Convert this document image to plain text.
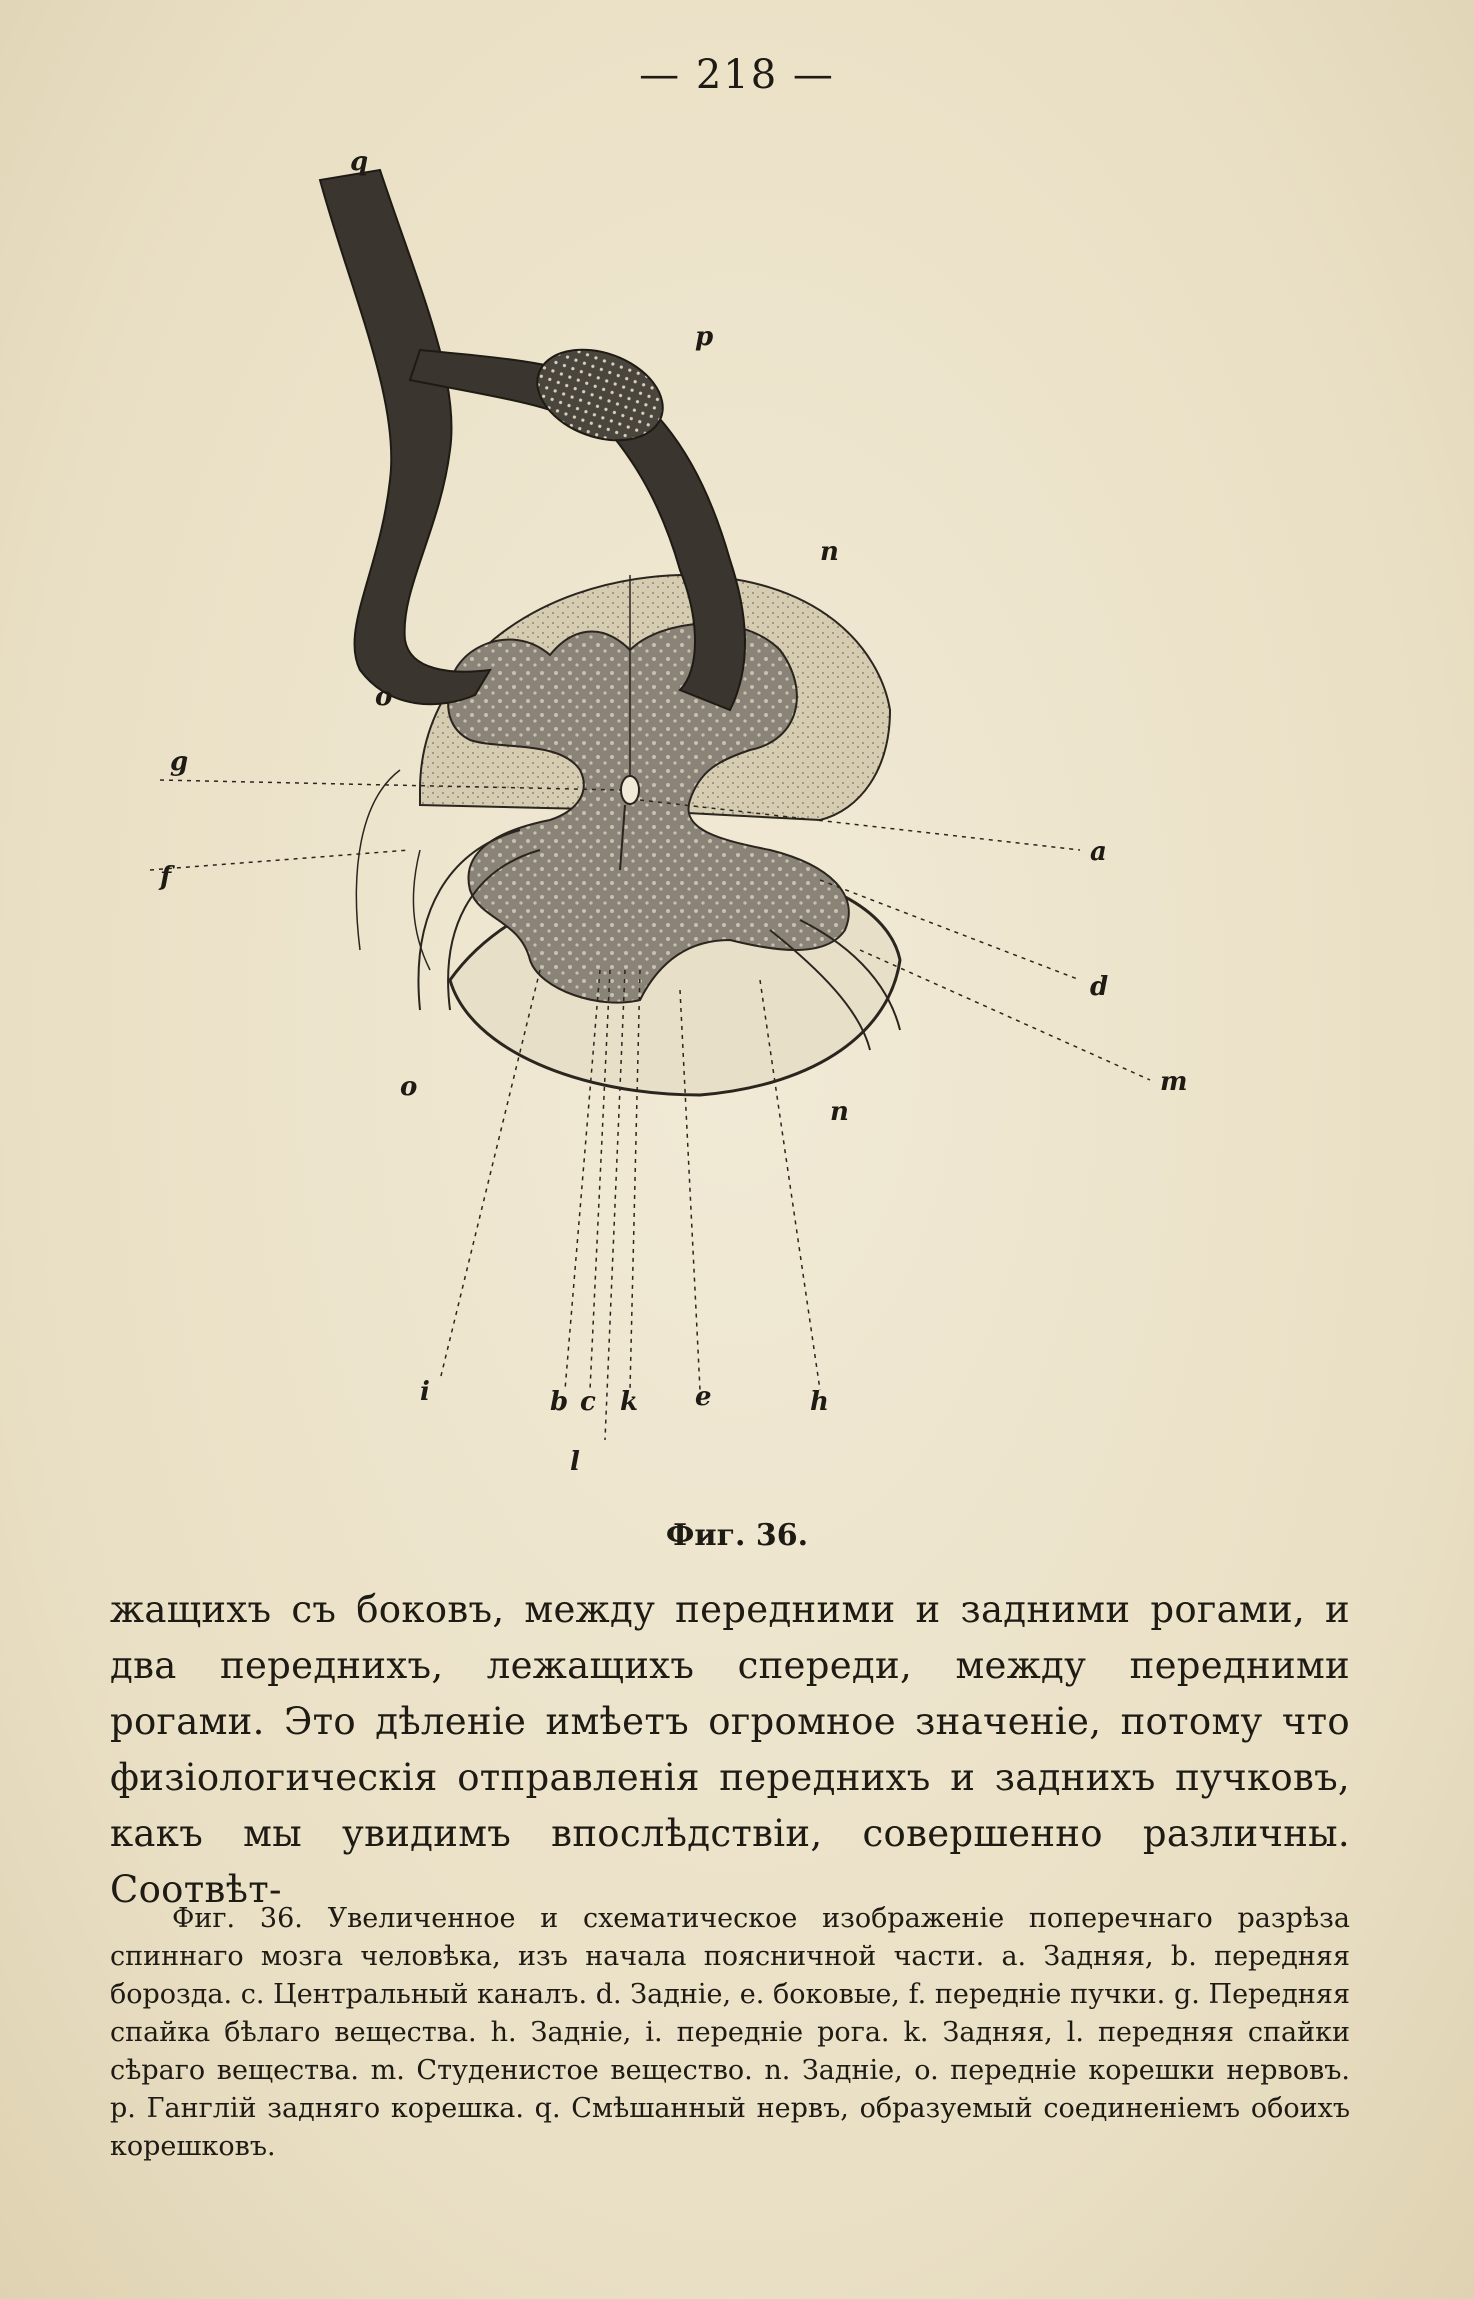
— 218 —
q
p
n
o
g
a
f
d
m
o
n
i	b c k e	h
l
Фиг. 36.

жащихъ съ боковъ, между передними и задними рогами, и два переднихъ, лежащихъ спереди, между передними рогами. Это дѣленіе имѣетъ огромное значеніе, потому что физіологическія отправленія переднихъ и заднихъ пучковъ, какъ мы увидимъ впослѣдствіи, совершенно различны. Соотвѣт-

Фиг. 36. Увеличенное и схематическое изображеніе поперечнаго разрѣза спиннаго мозга человѣка, изъ начала поясничной части. a. Задняя, b. передняя борозда. c. Центральный каналъ. d. Задніе, e. боковые, f. передніе пучки. g. Передняя спайка бѣлаго вещества. h. Задніе, i. передніе рога. k. Задняя, l. передняя спайки сѣраго вещества. m. Студенистое вещество. n. Задніе, o. передніе корешки нервовъ. p. Ганглій задняго корешка. q. Смѣшанный нервъ, образуемый соединеніемъ обоихъ корешковъ.
